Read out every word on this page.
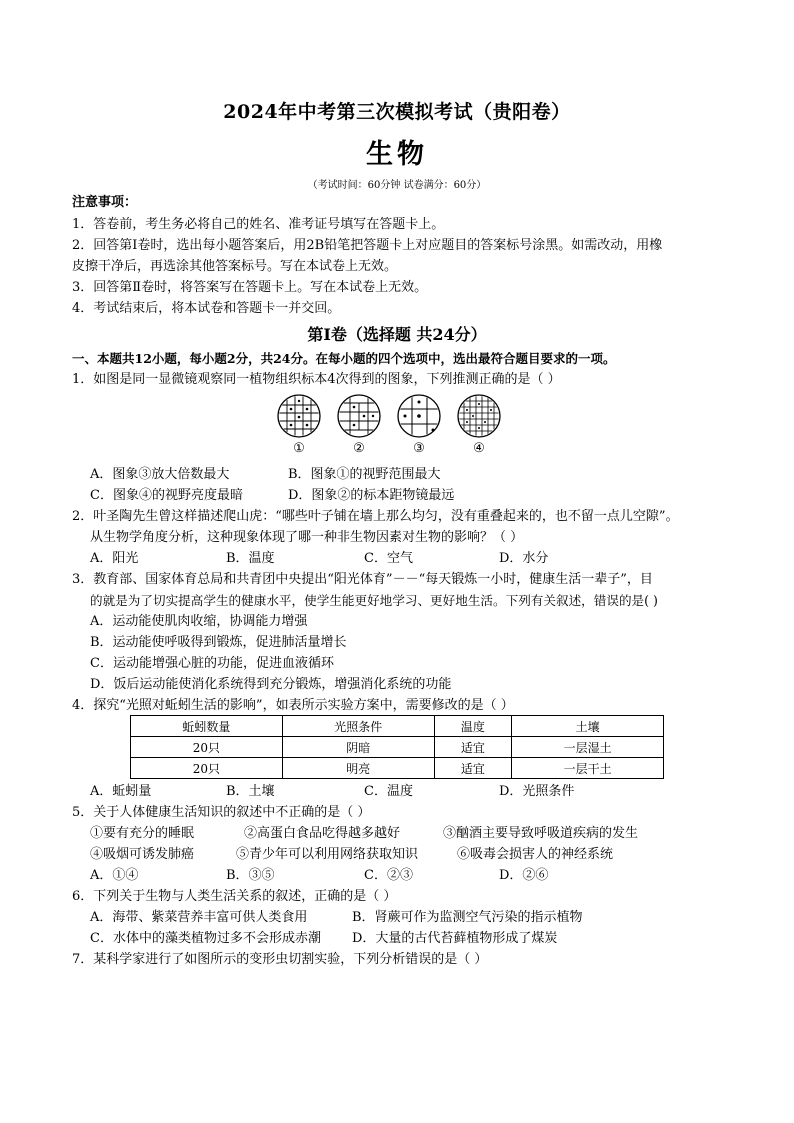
2024年中考第三次模拟考试（贵阳卷）
生物
（考试时间：60分钟 试卷满分：60分）
注意事项：
1．答卷前，考生务必将自己的姓名、准考证号填写在答题卡上。
2．回答第Ⅰ卷时，选出每小题答案后，用2B铅笔把答题卡上对应题目的答案标号涂黑。如需改动，用橡
皮擦干净后，再选涂其他答案标号。写在本试卷上无效。
3．回答第Ⅱ卷时，将答案写在答题卡上。写在本试卷上无效。
4．考试结束后，将本试卷和答题卡一并交回。
第Ⅰ卷（选择题 共24分）
一、本题共12小题，每小题2分，共24分。在每小题的四个选项中，选出最符合题目要求的一项。
1．如图是同一显微镜观察同一植物组织标本4次得到的图象，下列推测正确的是（ ）
①	②	③	④
A．图象③放大倍数最大	B．图象①的视野范围最大
C．图象④的视野亮度最暗	D．图象②的标本距物镜最远
2．叶圣陶先生曾这样描述爬山虎：“哪些叶子铺在墙上那么均匀，没有重叠起来的，也不留一点儿空隙”。
从生物学角度分析，这种现象体现了哪一种非生物因素对生物的影响？（ ）
A．阳光	B．温度	C．空气	D．水分
3．教育部、国家体育总局和共青团中央提出“阳光体育”－－“每天锻炼一小时，健康生活一辈子”，目
的就是为了切实提高学生的健康水平，使学生能更好地学习、更好地生活。下列有关叙述，错误的是( )
A．运动能使肌肉收缩，协调能力增强
B．运动能使呼吸得到锻炼，促进肺活量增长
C．运动能增强心脏的功能，促进血液循环
D．饭后运动能使消化系统得到充分锻炼，增强消化系统的功能
4．探究“光照对蚯蚓生活的影响”，如表所示实验方案中，需要修改的是（ ）
蚯蚓数量	光照条件	温度	土壤
20只	阴暗	适宜	一层湿土
20只	明亮	适宜	一层干土
A．蚯蚓量	B．土壤	C．温度	D．光照条件
5．关于人体健康生活知识的叙述中不正确的是（ ）
①要有充分的睡眠	②高蛋白食品吃得越多越好	③酗酒主要导致呼吸道疾病的发生
④吸烟可诱发肺癌	⑤青少年可以利用网络获取知识	⑥吸毒会损害人的神经系统
A．①④	B．③⑤	C．②③	D．②⑥
6．下列关于生物与人类生活关系的叙述，正确的是（ ）
A．海带、紫菜营养丰富可供人类食用	B．肾蕨可作为监测空气污染的指示植物
C．水体中的藻类植物过多不会形成赤潮 D．大量的古代苔藓植物形成了煤炭
7．某科学家进行了如图所示的变形虫切割实验，下列分析错误的是（ ）
